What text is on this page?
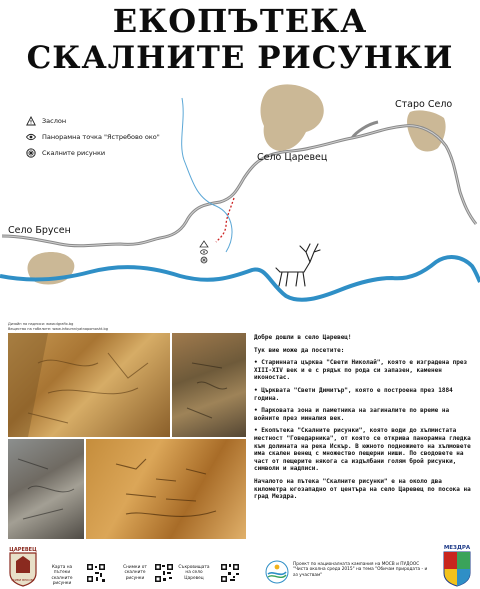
ЕКОПЪТЕКА
СКАЛНИТЕ РИСУНКИ
Заслон
Панорамна точка "Ястребово око"
Скалните рисунки
Село Брусен
Село Царевец
Старо Село
Дизайн на надписи: www.dgrafix.bg
Вещество на табелите: www.infoumniyatnapomosht.bg

Добре дошли в село Царевец!

Тук вие може да посетите:

• Старинната църква "Свети Николай", която е изградена през XIII-XIV век и е с рядък по рода си запазен, каменен иконостас.

• Църквата "Свети Димитър", която е построена през 1884 година.

• Парковата зона и паметника на загиналите по време на войните през миналия век.

• Екопътека "Скалните рисунки", която води до хълмистата местност "Говедарника", от която се открива панорамна гледка към долината на река Искър. В южното подножието на хълмовете има скален венец с множество пещерни ниши. По сводовете на част от пещерите някога са издълбани голям брой рисунки, символи и надписи.

Началото на пътека "Скалните рисунки" е на около два километра югозападно от центъра на село Царевец по посока на град Мездра.

ЦАРЕВЕЦ
ЖИВИ ВЕКОВЕ
Карта на пътеки скалните рисунки
Снимки от скалните рисунки
Съкровищата на село Царевец
Проект по националната кампания на МОСВ и ПУДООС "Чиста околна среда 2015" на тема "Обичам природата - и аз участвам"
МЕЗДРА
